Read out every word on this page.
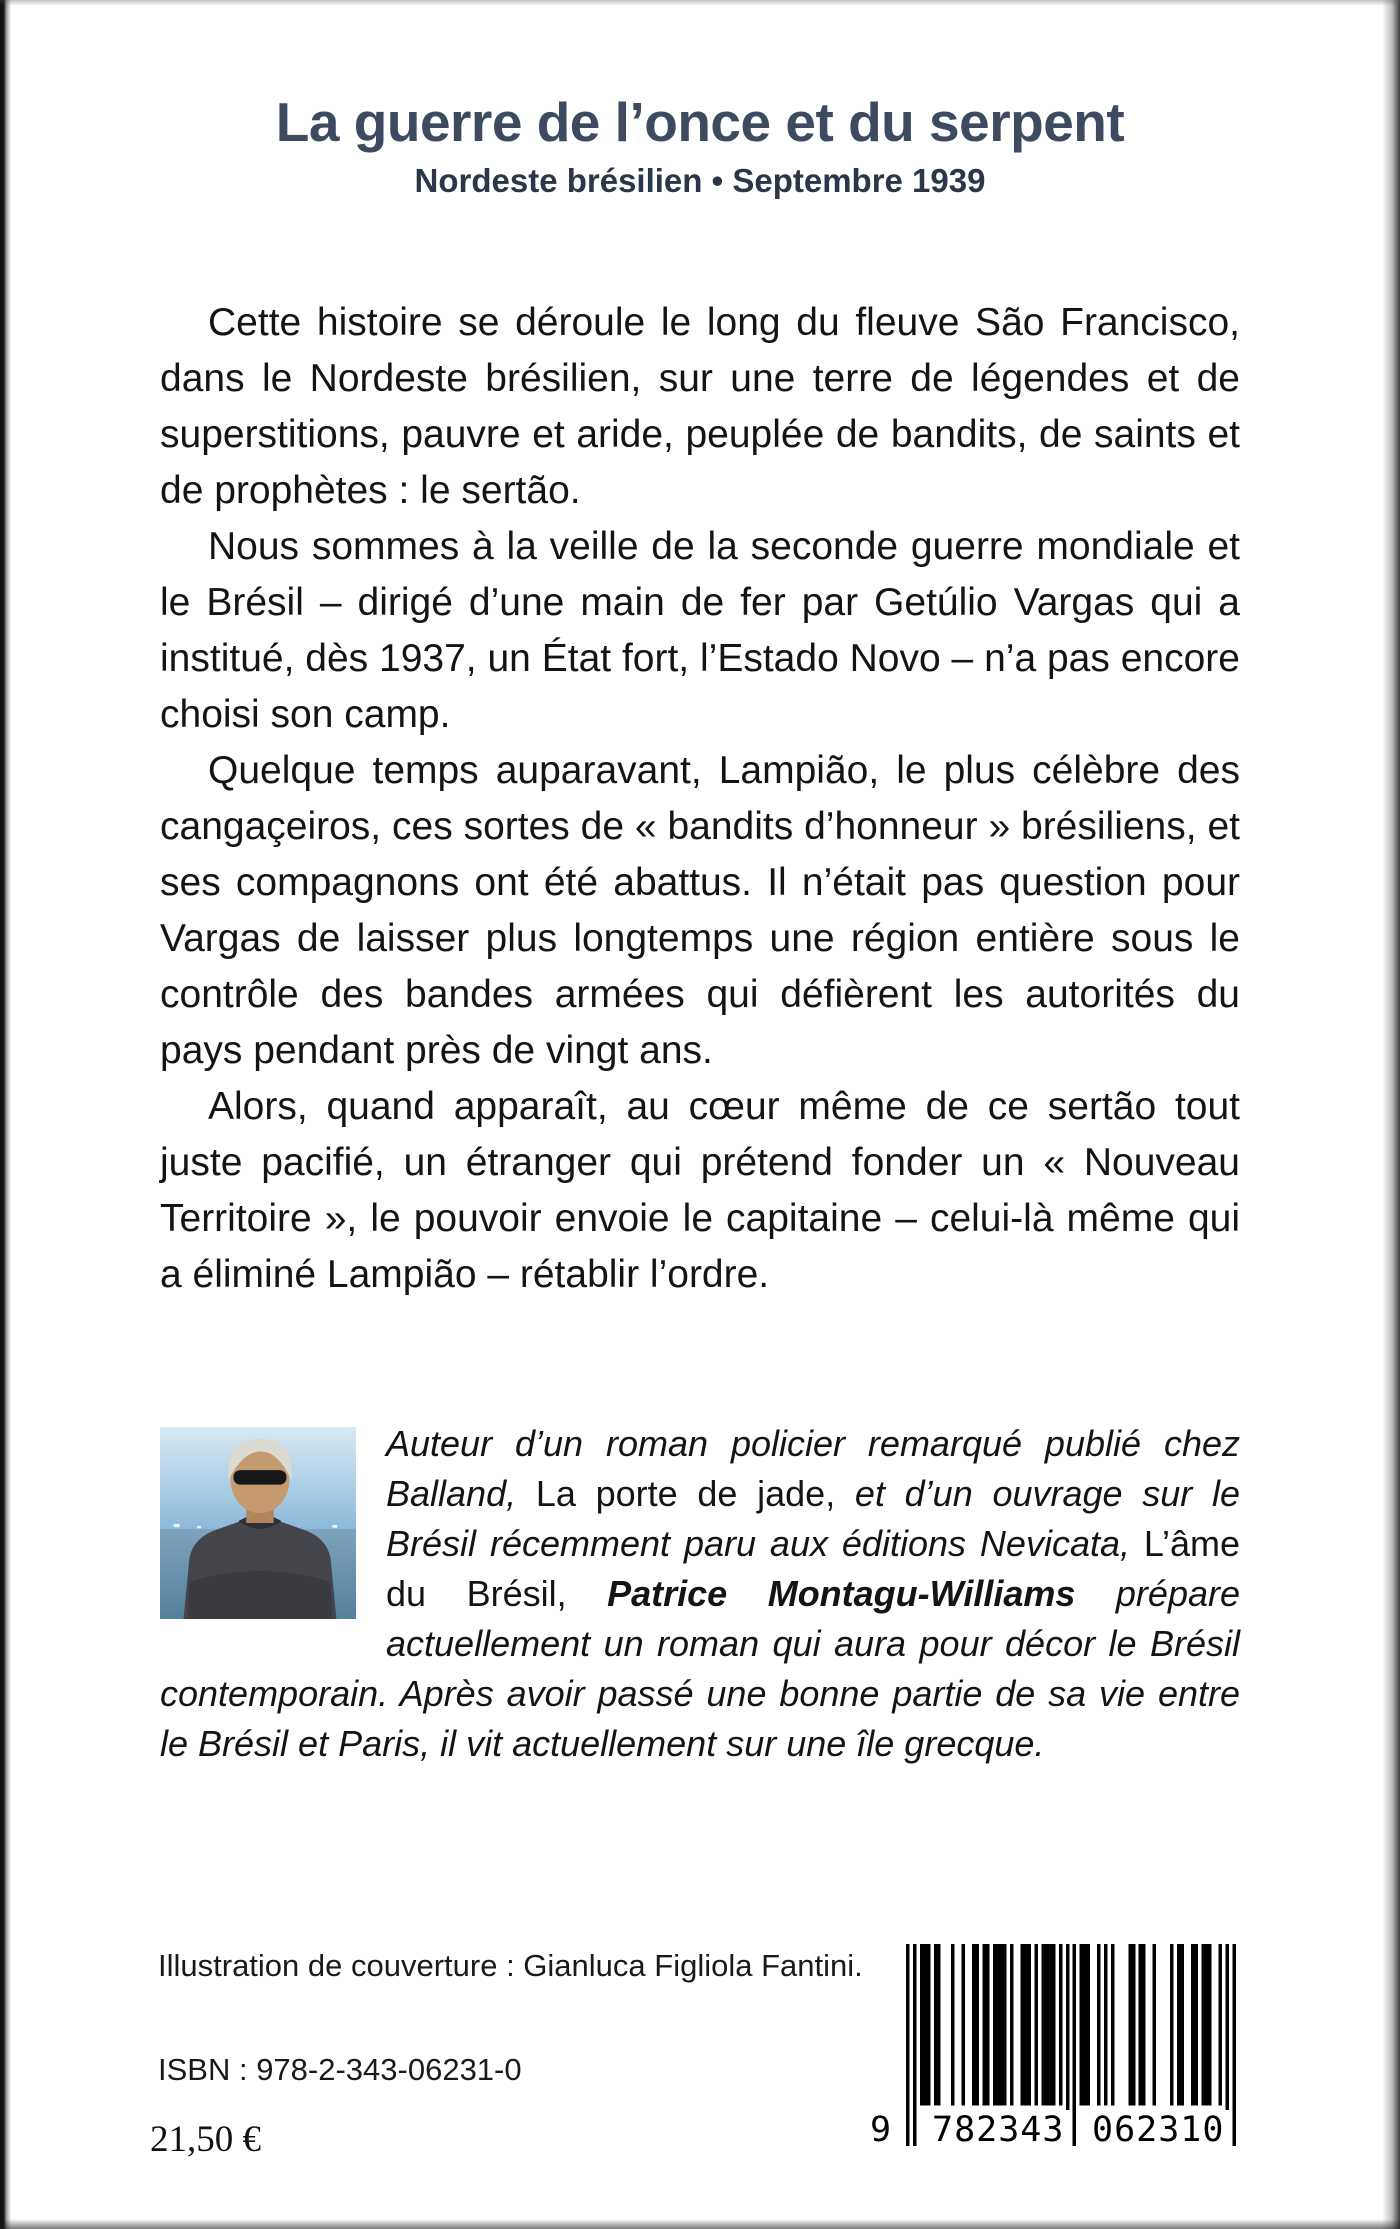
La guerre de l’once et du serpent
Nordeste brésilien • Septembre 1939

Cette histoire se déroule le long du fleuve São Francisco, dans le Nordeste brésilien, sur une terre de légendes et de superstitions, pauvre et aride, peuplée de bandits, de saints et de prophètes : le sertão.

Nous sommes à la veille de la seconde guerre mondiale et le Brésil – dirigé d’une main de fer par Getúlio Vargas qui a institué, dès 1937, un État fort, l’Estado Novo – n’a pas encore choisi son camp.

Quelque temps auparavant, Lampião, le plus célèbre des cangaçeiros, ces sortes de « bandits d’honneur » brésiliens, et ses compagnons ont été abattus. Il n’était pas question pour Vargas de laisser plus longtemps une région entière sous le contrôle des bandes armées qui défièrent les autorités du pays pendant près de vingt ans.

Alors, quand apparaît, au cœur même de ce sertão tout juste pacifié, un étranger qui prétend fonder un « Nouveau Territoire », le pouvoir envoie le capitaine – celui-là même qui a éliminé Lampião – rétablir l’ordre.

Auteur d’un roman policier remarqué publié chez Balland, La porte de jade, et d’un ouvrage sur le Brésil récemment paru aux éditions Nevicata, L’âme du Brésil, Patrice Montagu-Williams prépare actuellement un roman qui aura pour décor le Brésil contemporain. Après avoir passé une bonne partie de sa vie entre le Brésil et Paris, il vit actuellement sur une île grecque.

Illustration de couverture : Gianluca Figliola Fantini.
ISBN : 978-2-343-06231-0
21,50 €	9 782343 062310
